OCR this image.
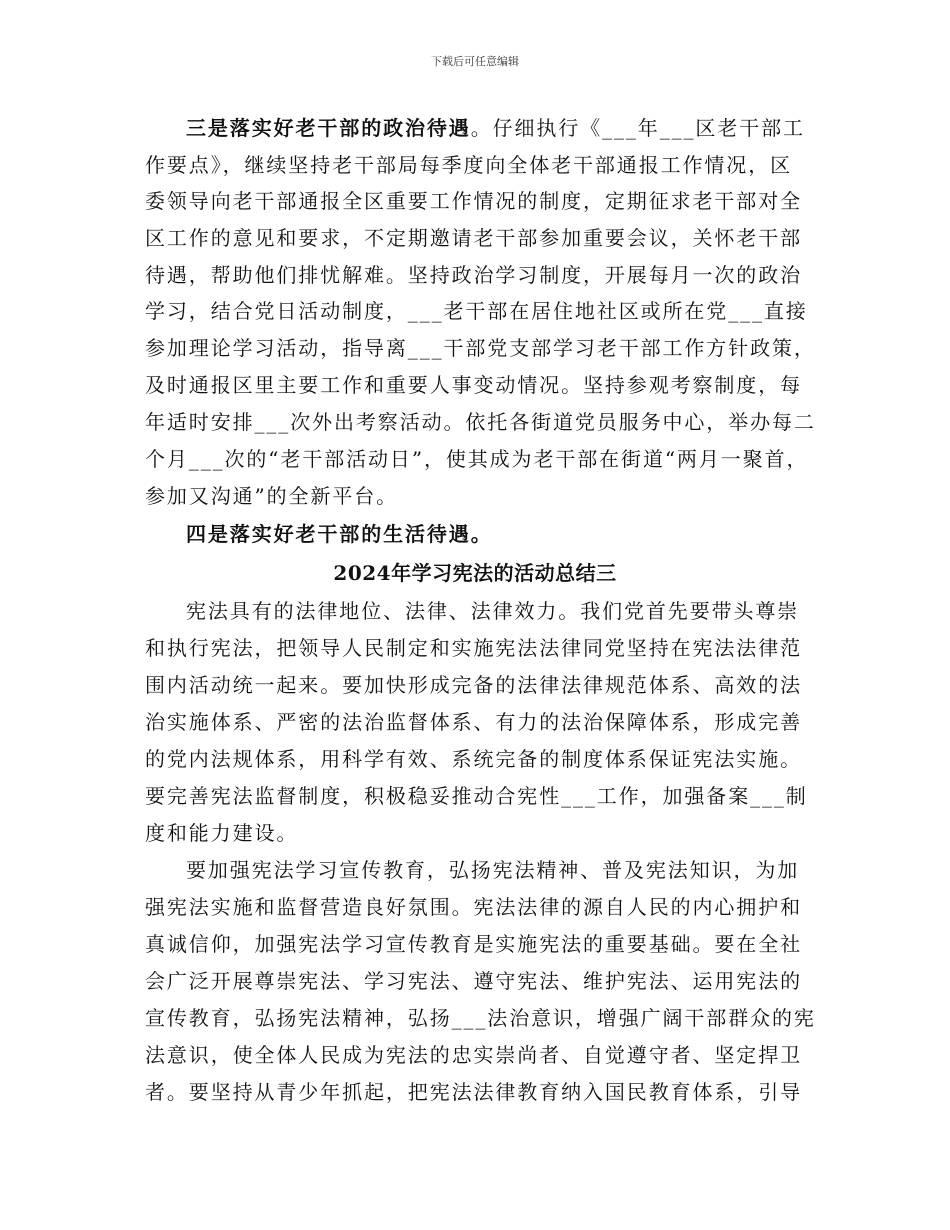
下载后可任意编辑
三是落实好老干部的政治待遇。仔细执行《___年___区老干部工
作要点》，继续坚持老干部局每季度向全体老干部通报工作情况，区
委领导向老干部通报全区重要工作情况的制度，定期征求老干部对全
区工作的意见和要求，不定期邀请老干部参加重要会议，关怀老干部
待遇，帮助他们排忧解难。坚持政治学习制度，开展每月一次的政治
学习，结合党日活动制度，___老干部在居住地社区或所在党___直接
参加理论学习活动，指导离___干部党支部学习老干部工作方针政策，
及时通报区里主要工作和重要人事变动情况。坚持参观考察制度，每
年适时安排___次外出考察活动。依托各街道党员服务中心，举办每二
个月___次的“老干部活动日”，使其成为老干部在街道“两月一聚首，
参加又沟通”的全新平台。
四是落实好老干部的生活待遇。
2024年学习宪法的活动总结三
宪法具有的法律地位、法律、法律效力。我们党首先要带头尊崇
和执行宪法，把领导人民制定和实施宪法法律同党坚持在宪法法律范
围内活动统一起来。要加快形成完备的法律法律规范体系、高效的法
治实施体系、严密的法治监督体系、有力的法治保障体系，形成完善
的党内法规体系，用科学有效、系统完备的制度体系保证宪法实施。
要完善宪法监督制度，积极稳妥推动合宪性___工作，加强备案___制
度和能力建设。
要加强宪法学习宣传教育，弘扬宪法精神、普及宪法知识，为加
强宪法实施和监督营造良好氛围。宪法法律的源自人民的内心拥护和
真诚信仰，加强宪法学习宣传教育是实施宪法的重要基础。要在全社
会广泛开展尊崇宪法、学习宪法、遵守宪法、维护宪法、运用宪法的
宣传教育，弘扬宪法精神，弘扬___法治意识，增强广阔干部群众的宪
法意识，使全体人民成为宪法的忠实崇尚者、自觉遵守者、坚定捍卫
者。要坚持从青少年抓起，把宪法法律教育纳入国民教育体系，引导
